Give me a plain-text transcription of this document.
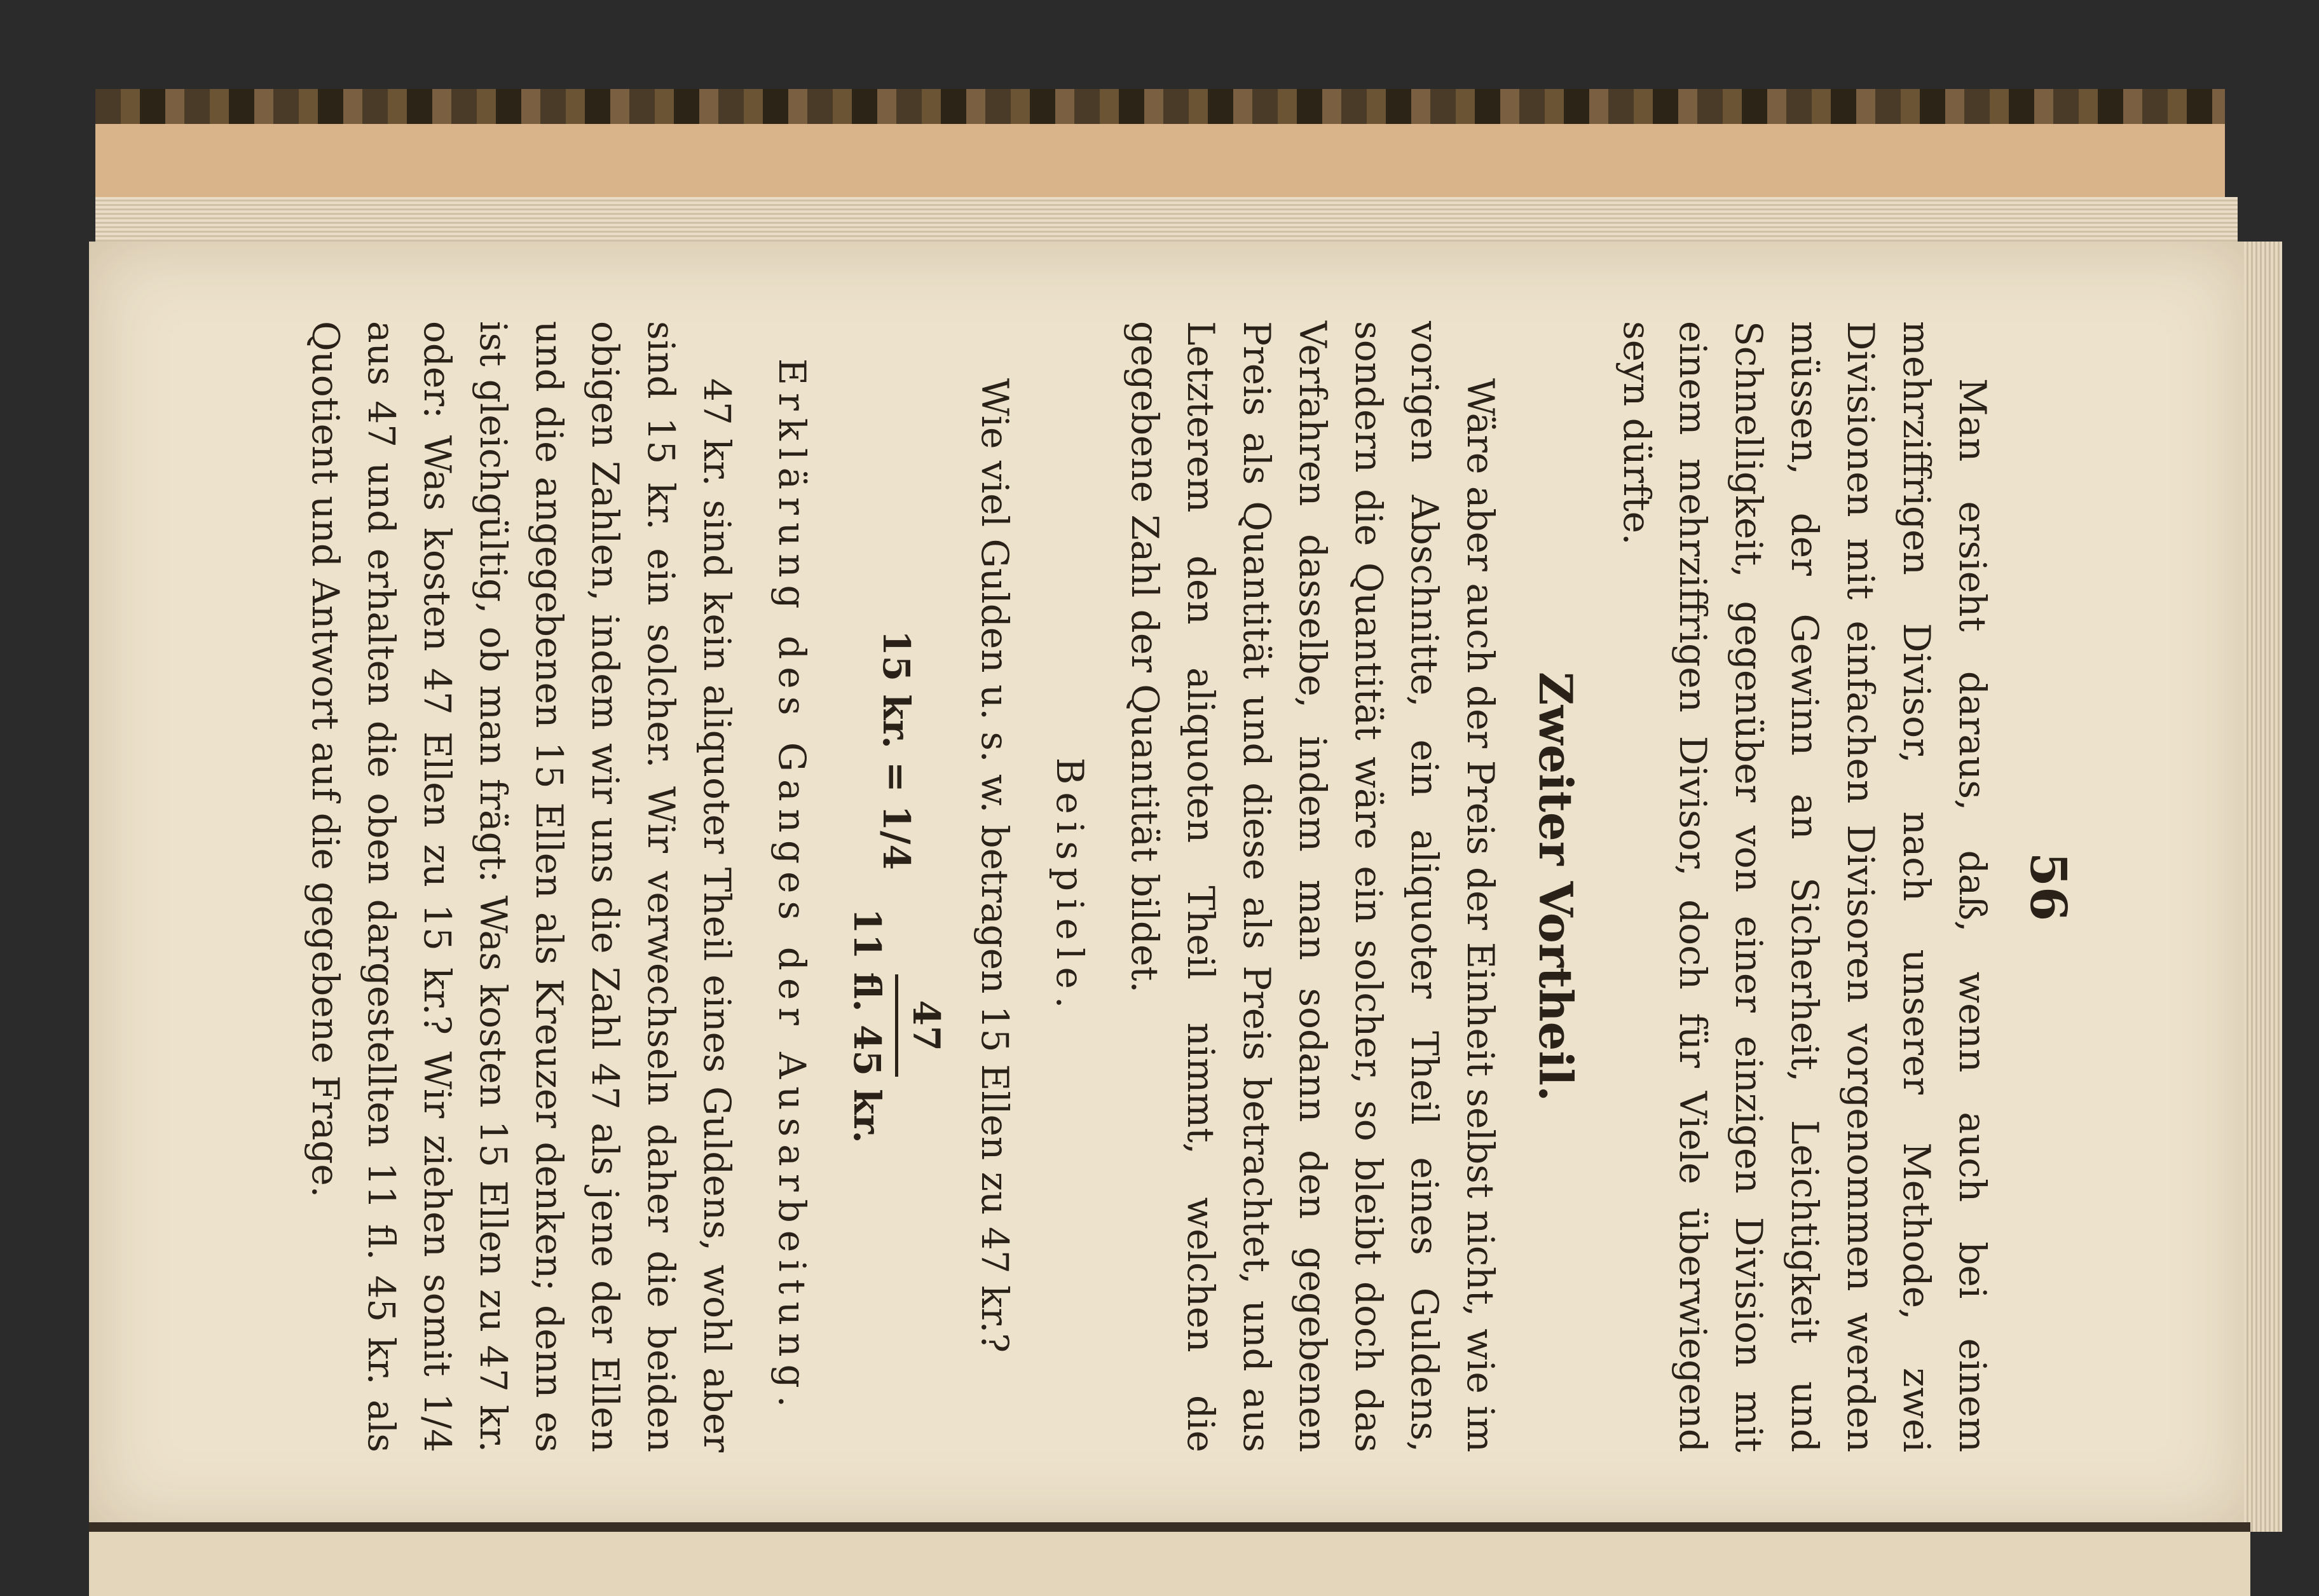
56

Man ersieht daraus, daß, wenn auch bei einem mehrziffrigen Divisor, nach unserer Methode, zwei Divisionen mit einfachen Divisoren vorgenommen werden müssen, der Gewinn an Sicherheit, Leichtigkeit und Schnelligkeit, gegenüber von einer einzigen Division mit einem mehrziffrigen Divisor, doch für Viele überwiegend seyn dürfte.

Zweiter Vortheil.

Wäre aber auch der Preis der Einheit selbst nicht, wie im vorigen Abschnitte, ein aliquoter Theil eines Guldens, sondern die Quantität wäre ein solcher, so bleibt doch das Verfahren dasselbe, indem man sodann den gegebenen Preis als Quantität und diese als Preis betrachtet, und aus Letzterem den aliquoten Theil nimmt, welchen die gegebene Zahl der Quantität bildet.

Beispiele.

Wie viel Gulden u. s. w. betragen 15 Ellen zu 47 kr.?

15 kr. = 1/4
47
11 fl. 45 kr.
Erklärung des Ganges der Ausarbeitung.

47 kr. sind kein aliquoter Theil eines Guldens, wohl aber sind 15 kr. ein solcher. Wir verwechseln daher die beiden obigen Zahlen, indem wir uns die Zahl 47 als jene der Ellen und die angegebenen 15 Ellen als Kreuzer denken; denn es ist gleichgültig, ob man frägt: Was kosten 15 Ellen zu 47 kr. oder: Was kosten 47 Ellen zu 15 kr.? Wir ziehen somit 1/4 aus 47 und erhalten die oben dargestellten 11 fl. 45 kr. als Quotient und Antwort auf die gegebene Frage.
